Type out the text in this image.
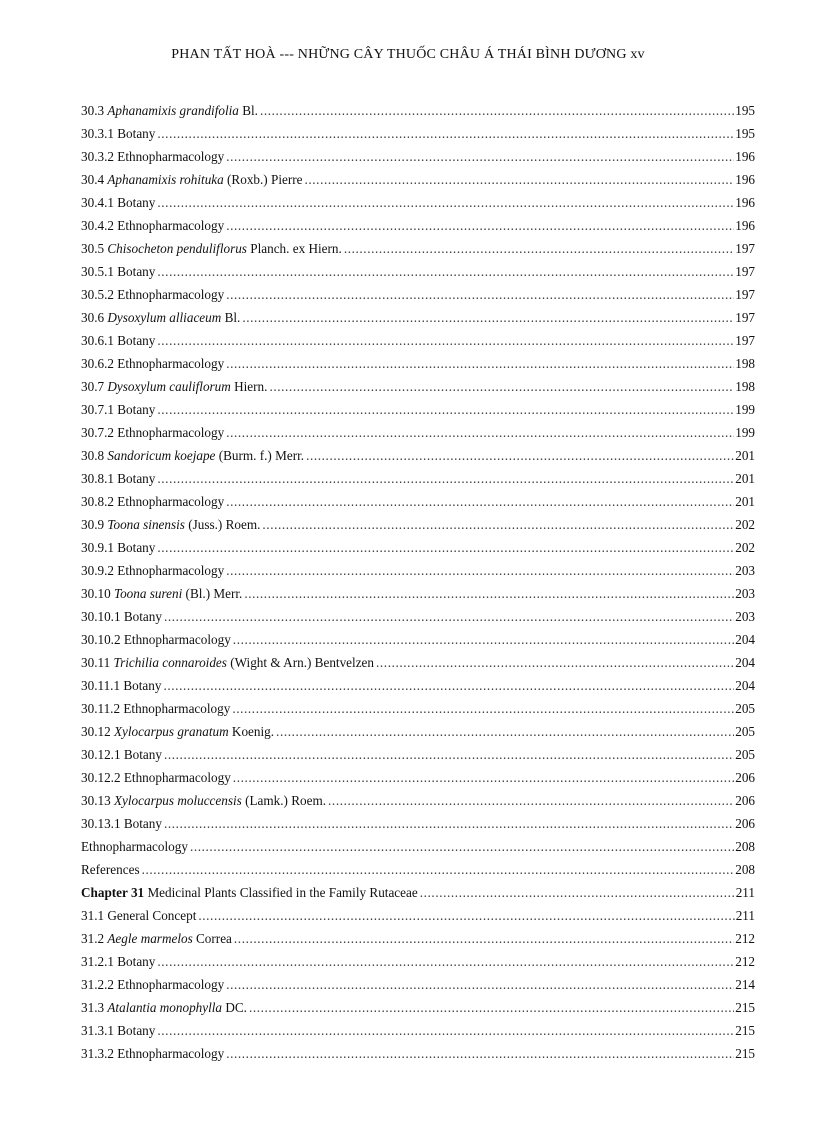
PHAN TẤT HOÀ --- NHỮNG CÂY THUỐC CHÂU Á THÁI BÌNH DƯƠNG xv
30.3 Aphanamixis grandifolia Bl. .....	195
30.3.1 Botany .....	195
30.3.2 Ethnopharmacology .....	196
30.4 Aphanamixis rohituka (Roxb.) Pierre .....	196
30.4.1 Botany .....	196
30.4.2 Ethnopharmacology .....	196
30.5 Chisocheton penduliflorus Planch. ex Hiern. .....	197
30.5.1 Botany .....	197
30.5.2 Ethnopharmacology .....	197
30.6 Dysoxylum alliaceum Bl. .....	197
30.6.1 Botany .....	197
30.6.2 Ethnopharmacology .....	198
30.7 Dysoxylum cauliflorum Hiern. .....	198
30.7.1 Botany .....	199
30.7.2 Ethnopharmacology .....	199
30.8 Sandoricum koejape (Burm. f.) Merr. .....	201
30.8.1 Botany .....	201
30.8.2 Ethnopharmacology .....	201
30.9 Toona sinensis (Juss.) Roem. .....	202
30.9.1 Botany .....	202
30.9.2 Ethnopharmacology .....	203
30.10 Toona sureni (Bl.) Merr. .....	203
30.10.1 Botany .....	203
30.10.2 Ethnopharmacology .....	204
30.11 Trichilia connaroides (Wight & Arn.) Bentvelzen .....	204
30.11.1 Botany .....	204
30.11.2 Ethnopharmacology .....	205
30.12 Xylocarpus granatum Koenig. .....	205
30.12.1 Botany .....	205
30.12.2 Ethnopharmacology .....	206
30.13 Xylocarpus moluccensis (Lamk.) Roem. .....	206
30.13.1 Botany .....	206
Ethnopharmacology .....	208
References .....	208
Chapter 31 Medicinal Plants Classified in the Family Rutaceae .....	211
31.1 General Concept .....	211
31.2 Aegle marmelos Correa .....	212
31.2.1 Botany .....	212
31.2.2 Ethnopharmacology .....	214
31.3 Atalantia monophylla DC. .....	215
31.3.1 Botany .....	215
31.3.2 Ethnopharmacology .....	215
